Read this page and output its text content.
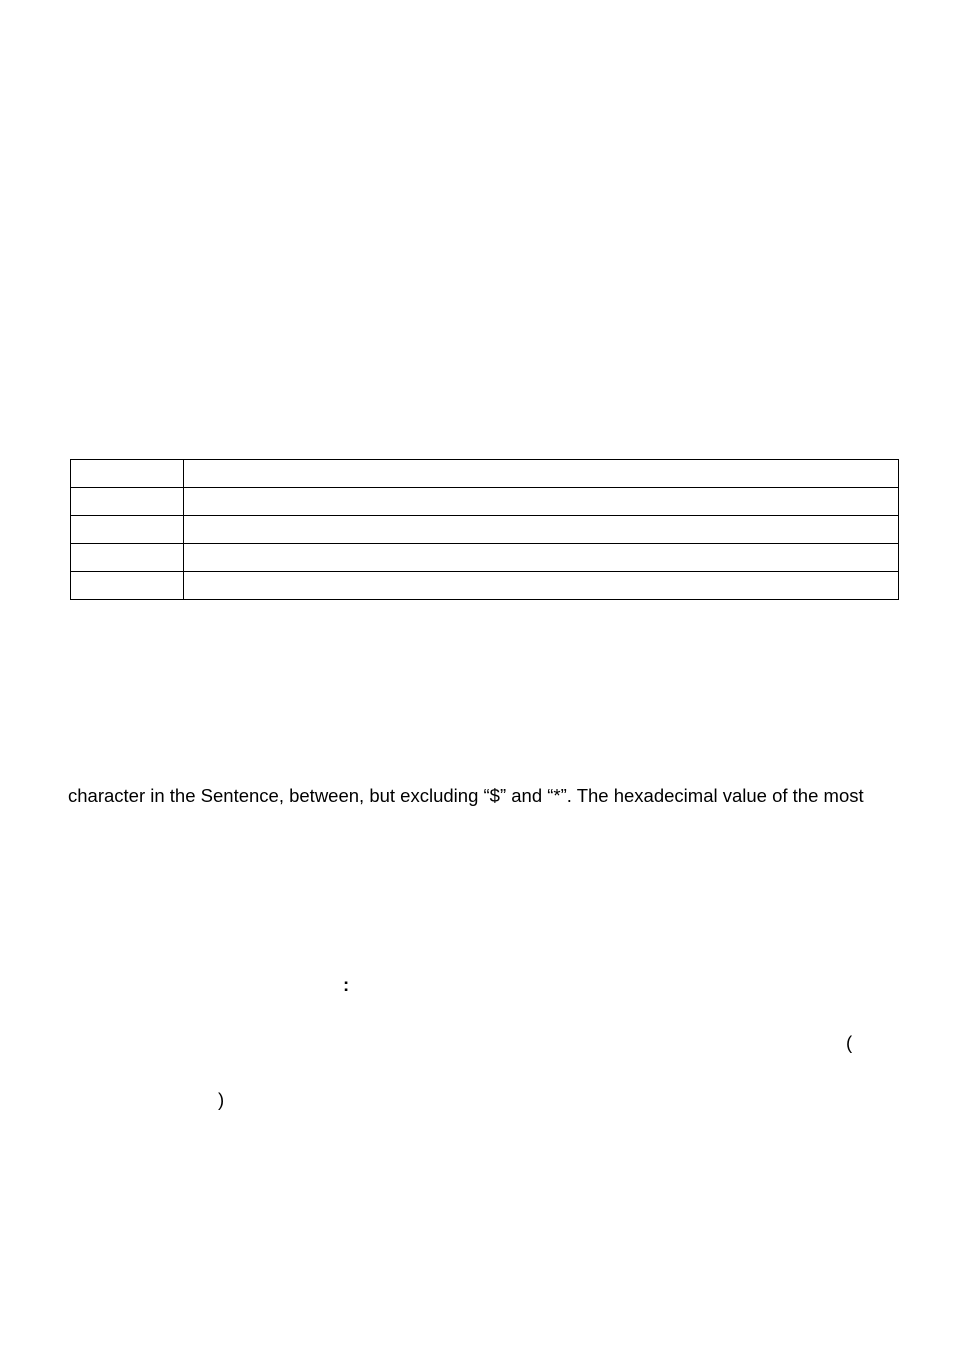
character in the Sentence, between, but excluding “$” and “*”. The hexadecimal value of the most

:
(
)
